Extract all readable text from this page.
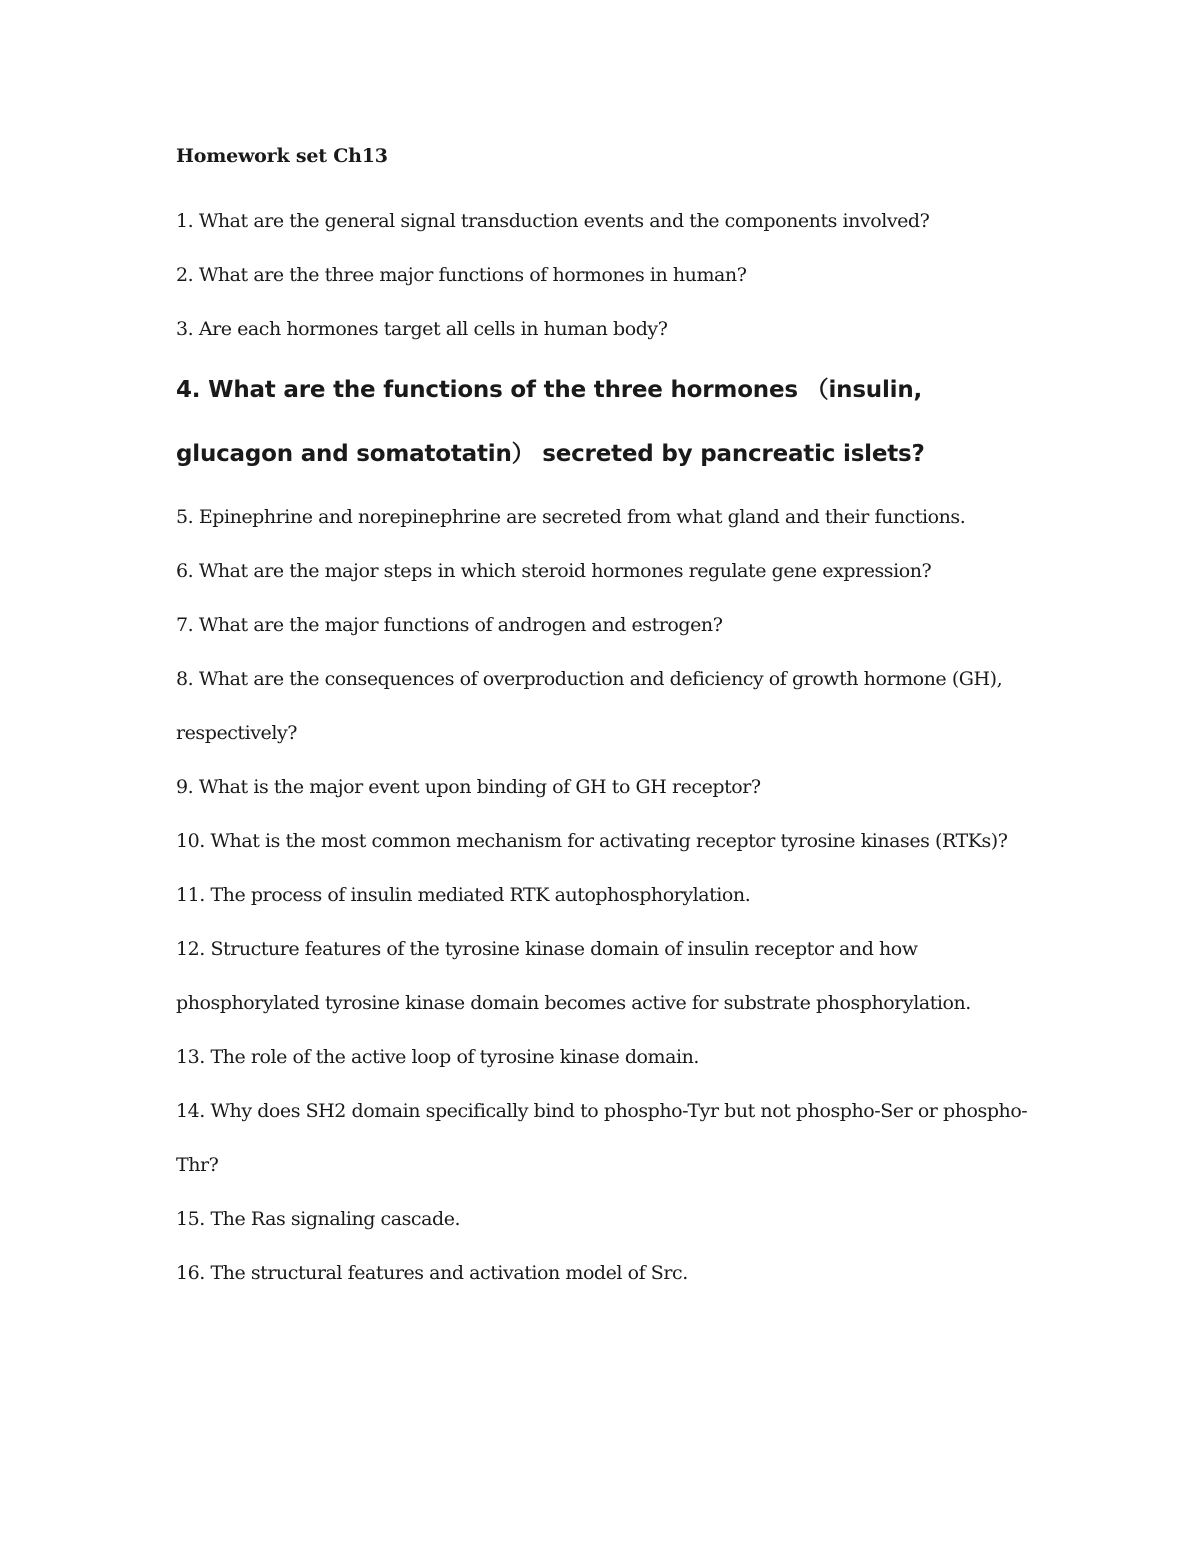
Homework set Ch13
1. What are the general signal transduction events and the components involved?
2. What are the three major functions of hormones in human?
3. Are each hormones target all cells in human body?
4. What are the functions of the three hormones （insulin, glucagon and somatotatin） secreted by pancreatic islets?
5. Epinephrine and norepinephrine are secreted from what gland and their functions.
6. What are the major steps in which steroid hormones regulate gene expression?
7. What are the major functions of androgen and estrogen?
8. What are the consequences of overproduction and deficiency of growth hormone (GH), respectively?
9. What is the major event upon binding of GH to GH receptor?
10. What is the most common mechanism for activating receptor tyrosine kinases (RTKs)?
11. The process of insulin mediated RTK autophosphorylation.
12. Structure features of the tyrosine kinase domain of insulin receptor and how phosphorylated tyrosine kinase domain becomes active for substrate phosphorylation.
13. The role of the active loop of tyrosine kinase domain.
14. Why does SH2 domain specifically bind to phospho-Tyr but not phospho-Ser or phospho-Thr?
15. The Ras signaling cascade.
16. The structural features and activation model of Src.
